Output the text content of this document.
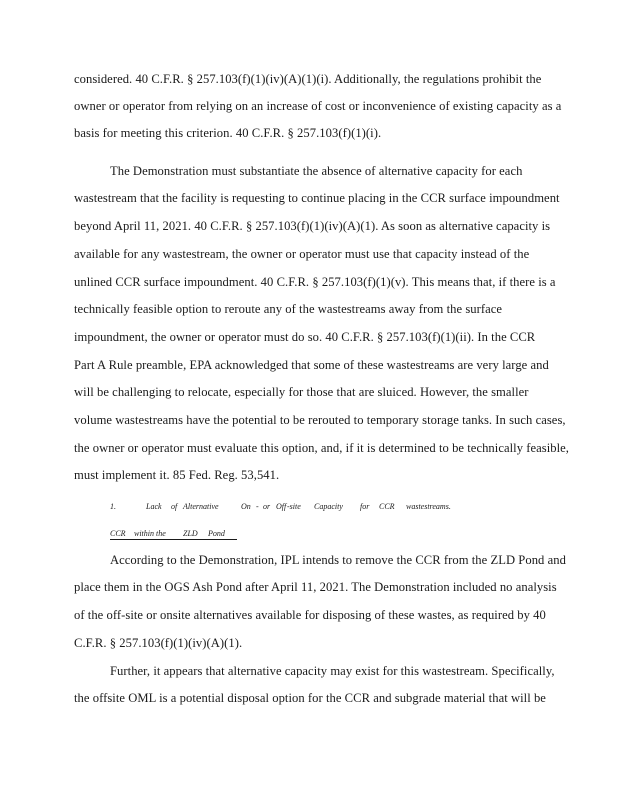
considered. 40 C.F.R. § 257.103(f)(1)(iv)(A)(1)(i). Additionally, the regulations prohibit the
owner or operator from relying on an increase of cost or inconvenience of existing capacity as a
basis for meeting this criterion. 40 C.F.R. § 257.103(f)(1)(i).
The Demonstration must substantiate the absence of alternative capacity for each
wastestream that the facility is requesting to continue placing in the CCR surface impoundment
beyond April 11, 2021. 40 C.F.R. § 257.103(f)(1)(iv)(A)(1). As soon as alternative capacity is
available for any wastestream, the owner or operator must use that capacity instead of the
unlined CCR surface impoundment. 40 C.F.R. § 257.103(f)(1)(v). This means that, if there is a
technically feasible option to reroute any of the wastestreams away from the surface
impoundment, the owner or operator must do so. 40 C.F.R. § 257.103(f)(1)(ii). In the CCR
Part A Rule preamble, EPA acknowledged that some of these wastestreams are very large and
will be challenging to relocate, especially for those that are sluiced. However, the smaller
volume wastestreams have the potential to be rerouted to temporary storage tanks. In such cases,
the owner or operator must evaluate this option, and, if it is determined to be technically feasible,
must implement it. 85 Fed. Reg. 53,541.
1.	Lack of Alternative	On - or Off -site Capacity for CCR wastestreams.
CCR within the ZLD Pond
According to the Demonstration, IPL intends to remove the CCR from the ZLD Pond and
place them in the OGS Ash Pond after April 11, 2021. The Demonstration included no analysis
of the off-site or onsite alternatives available for disposing of these wastes, as required by 40
C.F.R. § 257.103(f)(1)(iv)(A)(1).
Further, it appears that alternative capacity may exist for this wastestream. Specifically,
the offsite OML is a potential disposal option for the CCR and subgrade material that will be
